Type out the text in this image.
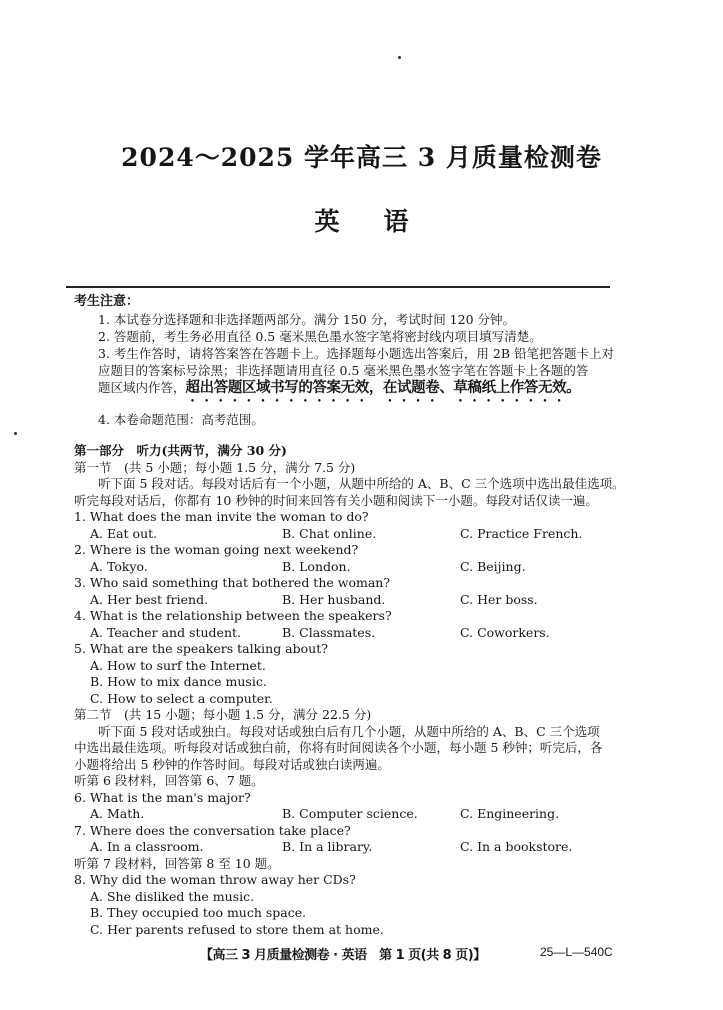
2024～2025 学年高三 3 月质量检测卷
英语
考生注意：
1. 本试卷分选择题和非选择题两部分。满分 150 分，考试时间 120 分钟。
2. 答题前，考生务必用直径 0.5 毫米黑色墨水签字笔将密封线内项目填写清楚。
3. 考生作答时，请将答案答在答题卡上。选择题每小题选出答案后，用 2B 铅笔把答题卡上对
应题目的答案标号涂黑；非选择题请用直径 0.5 毫米黑色墨水签字笔在答题卡上各题的答
题区域内作答，超出答题区域书写的答案无效，在试题卷、草稿纸上作答无效。
4. 本卷命题范围：高考范围。
第一部分　听力(共两节，满分 30 分)
第一节　(共 5 小题；每小题 1.5 分，满分 7.5 分)
听下面 5 段对话。每段对话后有一个小题，从题中所给的 A、B、C 三个选项中选出最佳选项。
听完每段对话后，你都有 10 秒钟的时间来回答有关小题和阅读下一小题。每段对话仅读一遍。
1. What does the man invite the woman to do?
A. Eat out.	B. Chat online.	C. Practice French.
2. Where is the woman going next weekend?
A. Tokyo.	B. London.	C. Beijing.
3. Who said something that bothered the woman?
A. Her best friend.	B. Her husband.	C. Her boss.
4. What is the relationship between the speakers?
A. Teacher and student.	B. Classmates.	C. Coworkers.
5. What are the speakers talking about?
A. How to surf the Internet.
B. How to mix dance music.
C. How to select a computer.
第二节　(共 15 小题；每小题 1.5 分，满分 22.5 分)
听下面 5 段对话或独白。每段对话或独白后有几个小题，从题中所给的 A、B、C 三个选项
中选出最佳选项。听每段对话或独白前，你将有时间阅读各个小题，每小题 5 秒钟；听完后，各
小题将给出 5 秒钟的作答时间。每段对话或独白读两遍。
听第 6 段材料，回答第 6、7 题。
6. What is the man's major?
A. Math.	B. Computer science.	C. Engineering.
7. Where does the conversation take place?
A. In a classroom.	B. In a library.	C. In a bookstore.
听第 7 段材料，回答第 8 至 10 题。
8. Why did the woman throw away her CDs?
A. She disliked the music.
B. They occupied too much space.
C. Her parents refused to store them at home.
【高三 3 月质量检测卷 · 英语　第 1 页(共 8 页)】	25—L—540C
